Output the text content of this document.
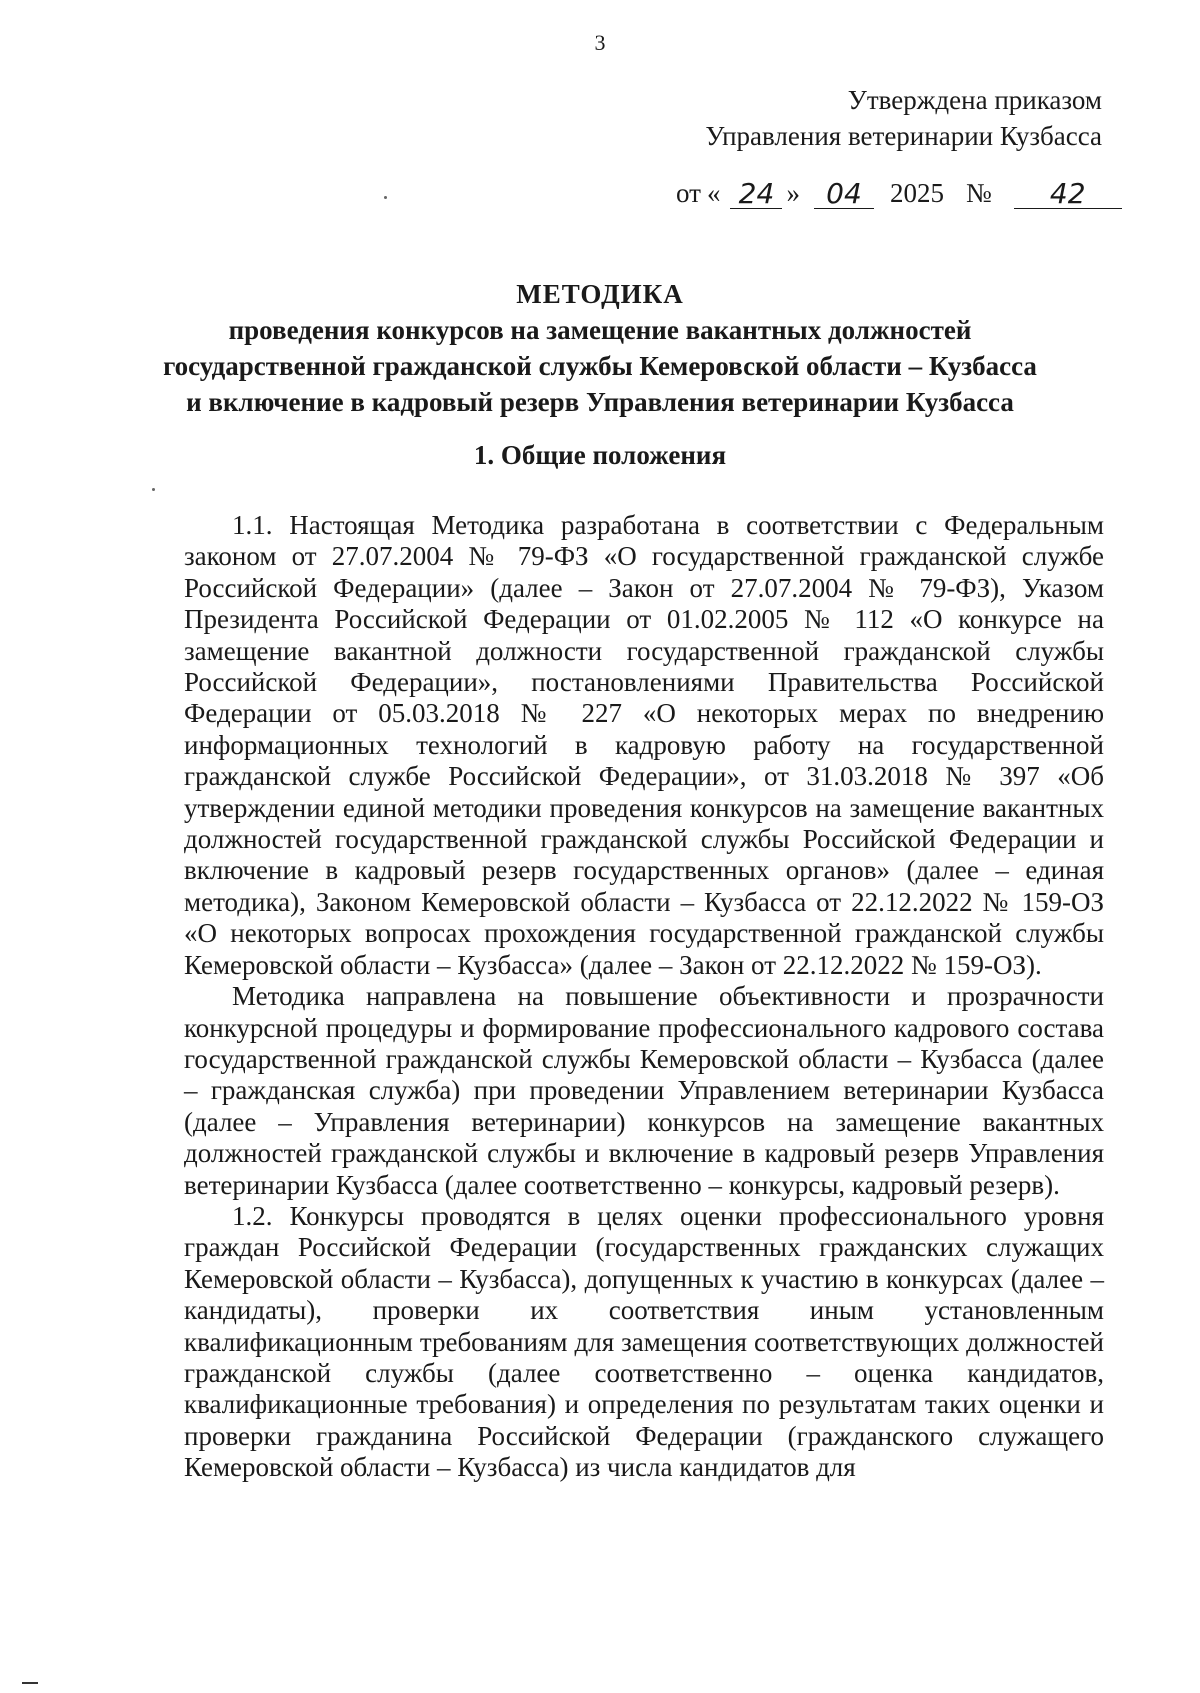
3
Утверждена приказом
Управления ветеринарии Кузбасса
от « 24 » 04	2025 №	42
МЕТОДИКА
проведения конкурсов на замещение вакантных должностей
государственной гражданской службы Кемеровской области – Кузбасса
и включение в кадровый резерв Управления ветеринарии Кузбасса
1. Общие положения

1.1. Настоящая Методика разработана в соответствии с Федеральным законом от 27.07.2004 № 79-ФЗ «О государственной гражданской службе Российской Федерации» (далее – Закон от 27.07.2004 № 79-ФЗ), Указом Президента Российской Федерации от 01.02.2005 № 112 «О конкурсе на замещение вакантной должности государственной гражданской службы Российской Федерации», постановлениями Правительства Российской Федерации от 05.03.2018 № 227 «О некоторых мерах по внедрению информационных технологий в кадровую работу на государственной гражданской службе Российской Федерации», от 31.03.2018 № 397 «Об утверждении единой методики проведения конкурсов на замещение вакантных должностей государственной гражданской службы Российской Федерации и включение в кадровый резерв государственных органов» (далее – единая методика), Законом Кемеровской области – Кузбасса от 22.12.2022 № 159-ОЗ «О некоторых вопросах прохождения государственной гражданской службы Кемеровской области – Кузбасса» (далее – Закон от 22.12.2022 № 159-ОЗ).

Методика направлена на повышение объективности и прозрачности конкурсной процедуры и формирование профессионального кадрового состава государственной гражданской службы Кемеровской области – Кузбасса (далее – гражданская служба) при проведении Управлением ветеринарии Кузбасса (далее – Управления ветеринарии) конкурсов на замещение вакантных должностей гражданской службы и включение в кадровый резерв Управления ветеринарии Кузбасса (далее соответственно – конкурсы, кадровый резерв).

1.2. Конкурсы проводятся в целях оценки профессионального уровня граждан Российской Федерации (государственных гражданских служащих Кемеровской области – Кузбасса), допущенных к участию в конкурсах (далее – кандидаты), проверки их соответствия иным установленным квалификационным требованиям для замещения соответствующих должностей гражданской службы (далее соответственно – оценка кандидатов, квалификационные требования) и определения по результатам таких оценки и проверки гражданина Российской Федерации (гражданского служащего Кемеровской области – Кузбасса) из числа кандидатов для
